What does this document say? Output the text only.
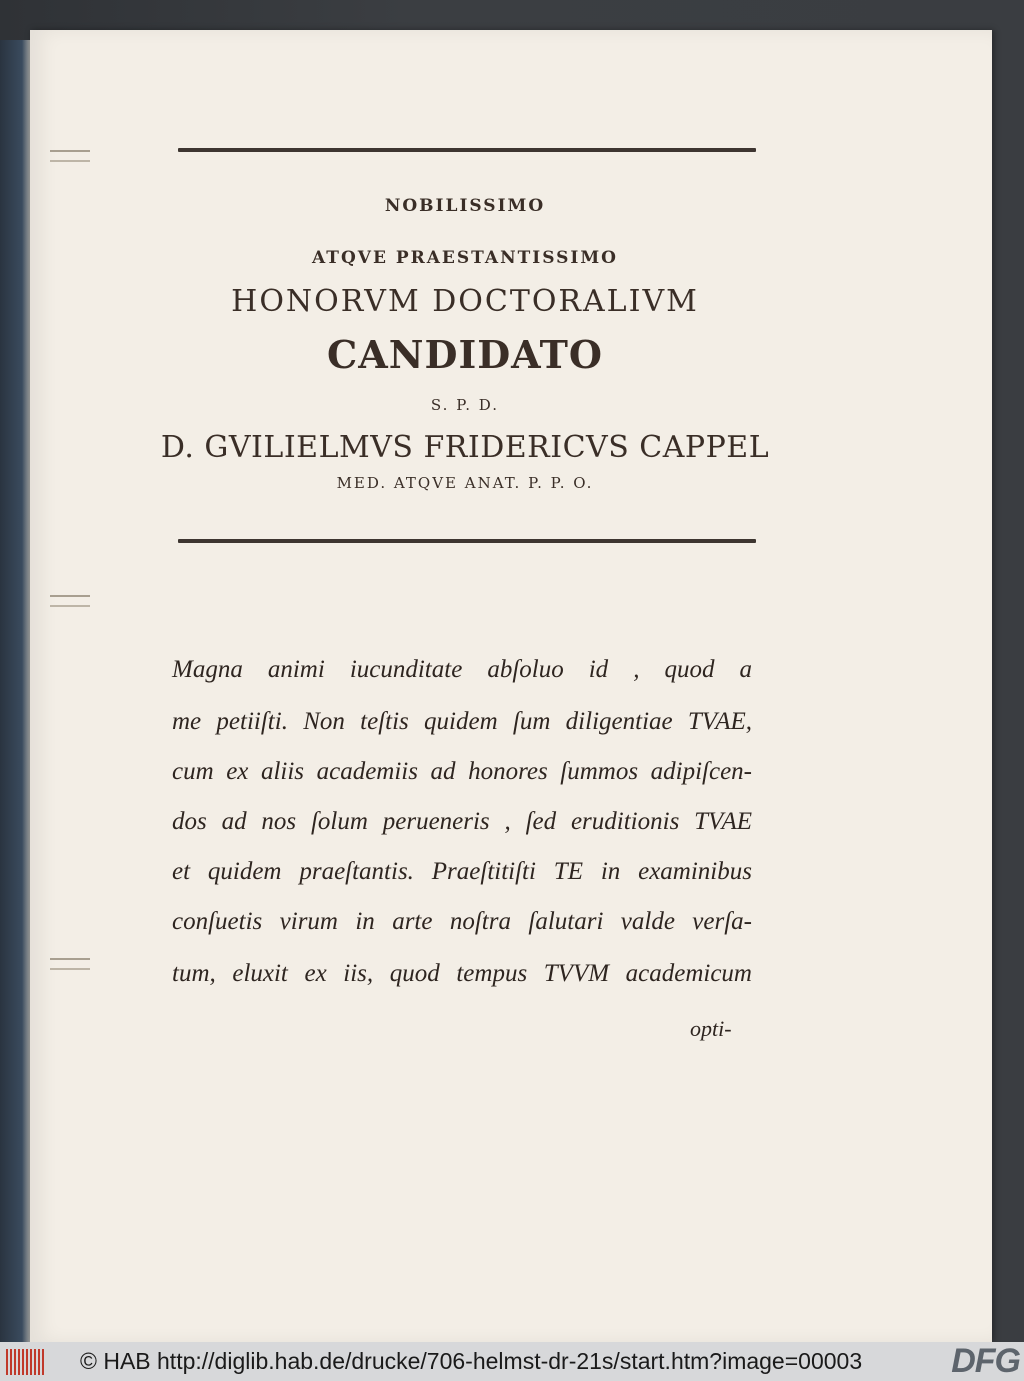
NOBILISSIMO
ATQVE PRAESTANTISSIMO
HONORVM DOCTORALIVM
CANDIDATO
S. P. D.
D. GVILIELMVS FRIDERICVS CAPPEL
MED. ATQVE ANAT. P. P. O.
Magna animi iucunditate abſoluo id , quod a
me petiiſti. Non teſtis quidem ſum diligentiae TVAE,
cum ex aliis academiis ad honores ſummos adipiſcen-
dos ad nos ſolum perueneris , ſed eruditionis TVAE
et quidem praeſtantis. Praeſtitiſti TE in examinibus
conſuetis virum in arte noſtra ſalutari valde verſa-
tum, eluxit ex iis, quod tempus TVVM academicum
opti-
© HAB http://diglib.hab.de/drucke/706-helmst-dr-21s/start.htm?image=00003	DFG
